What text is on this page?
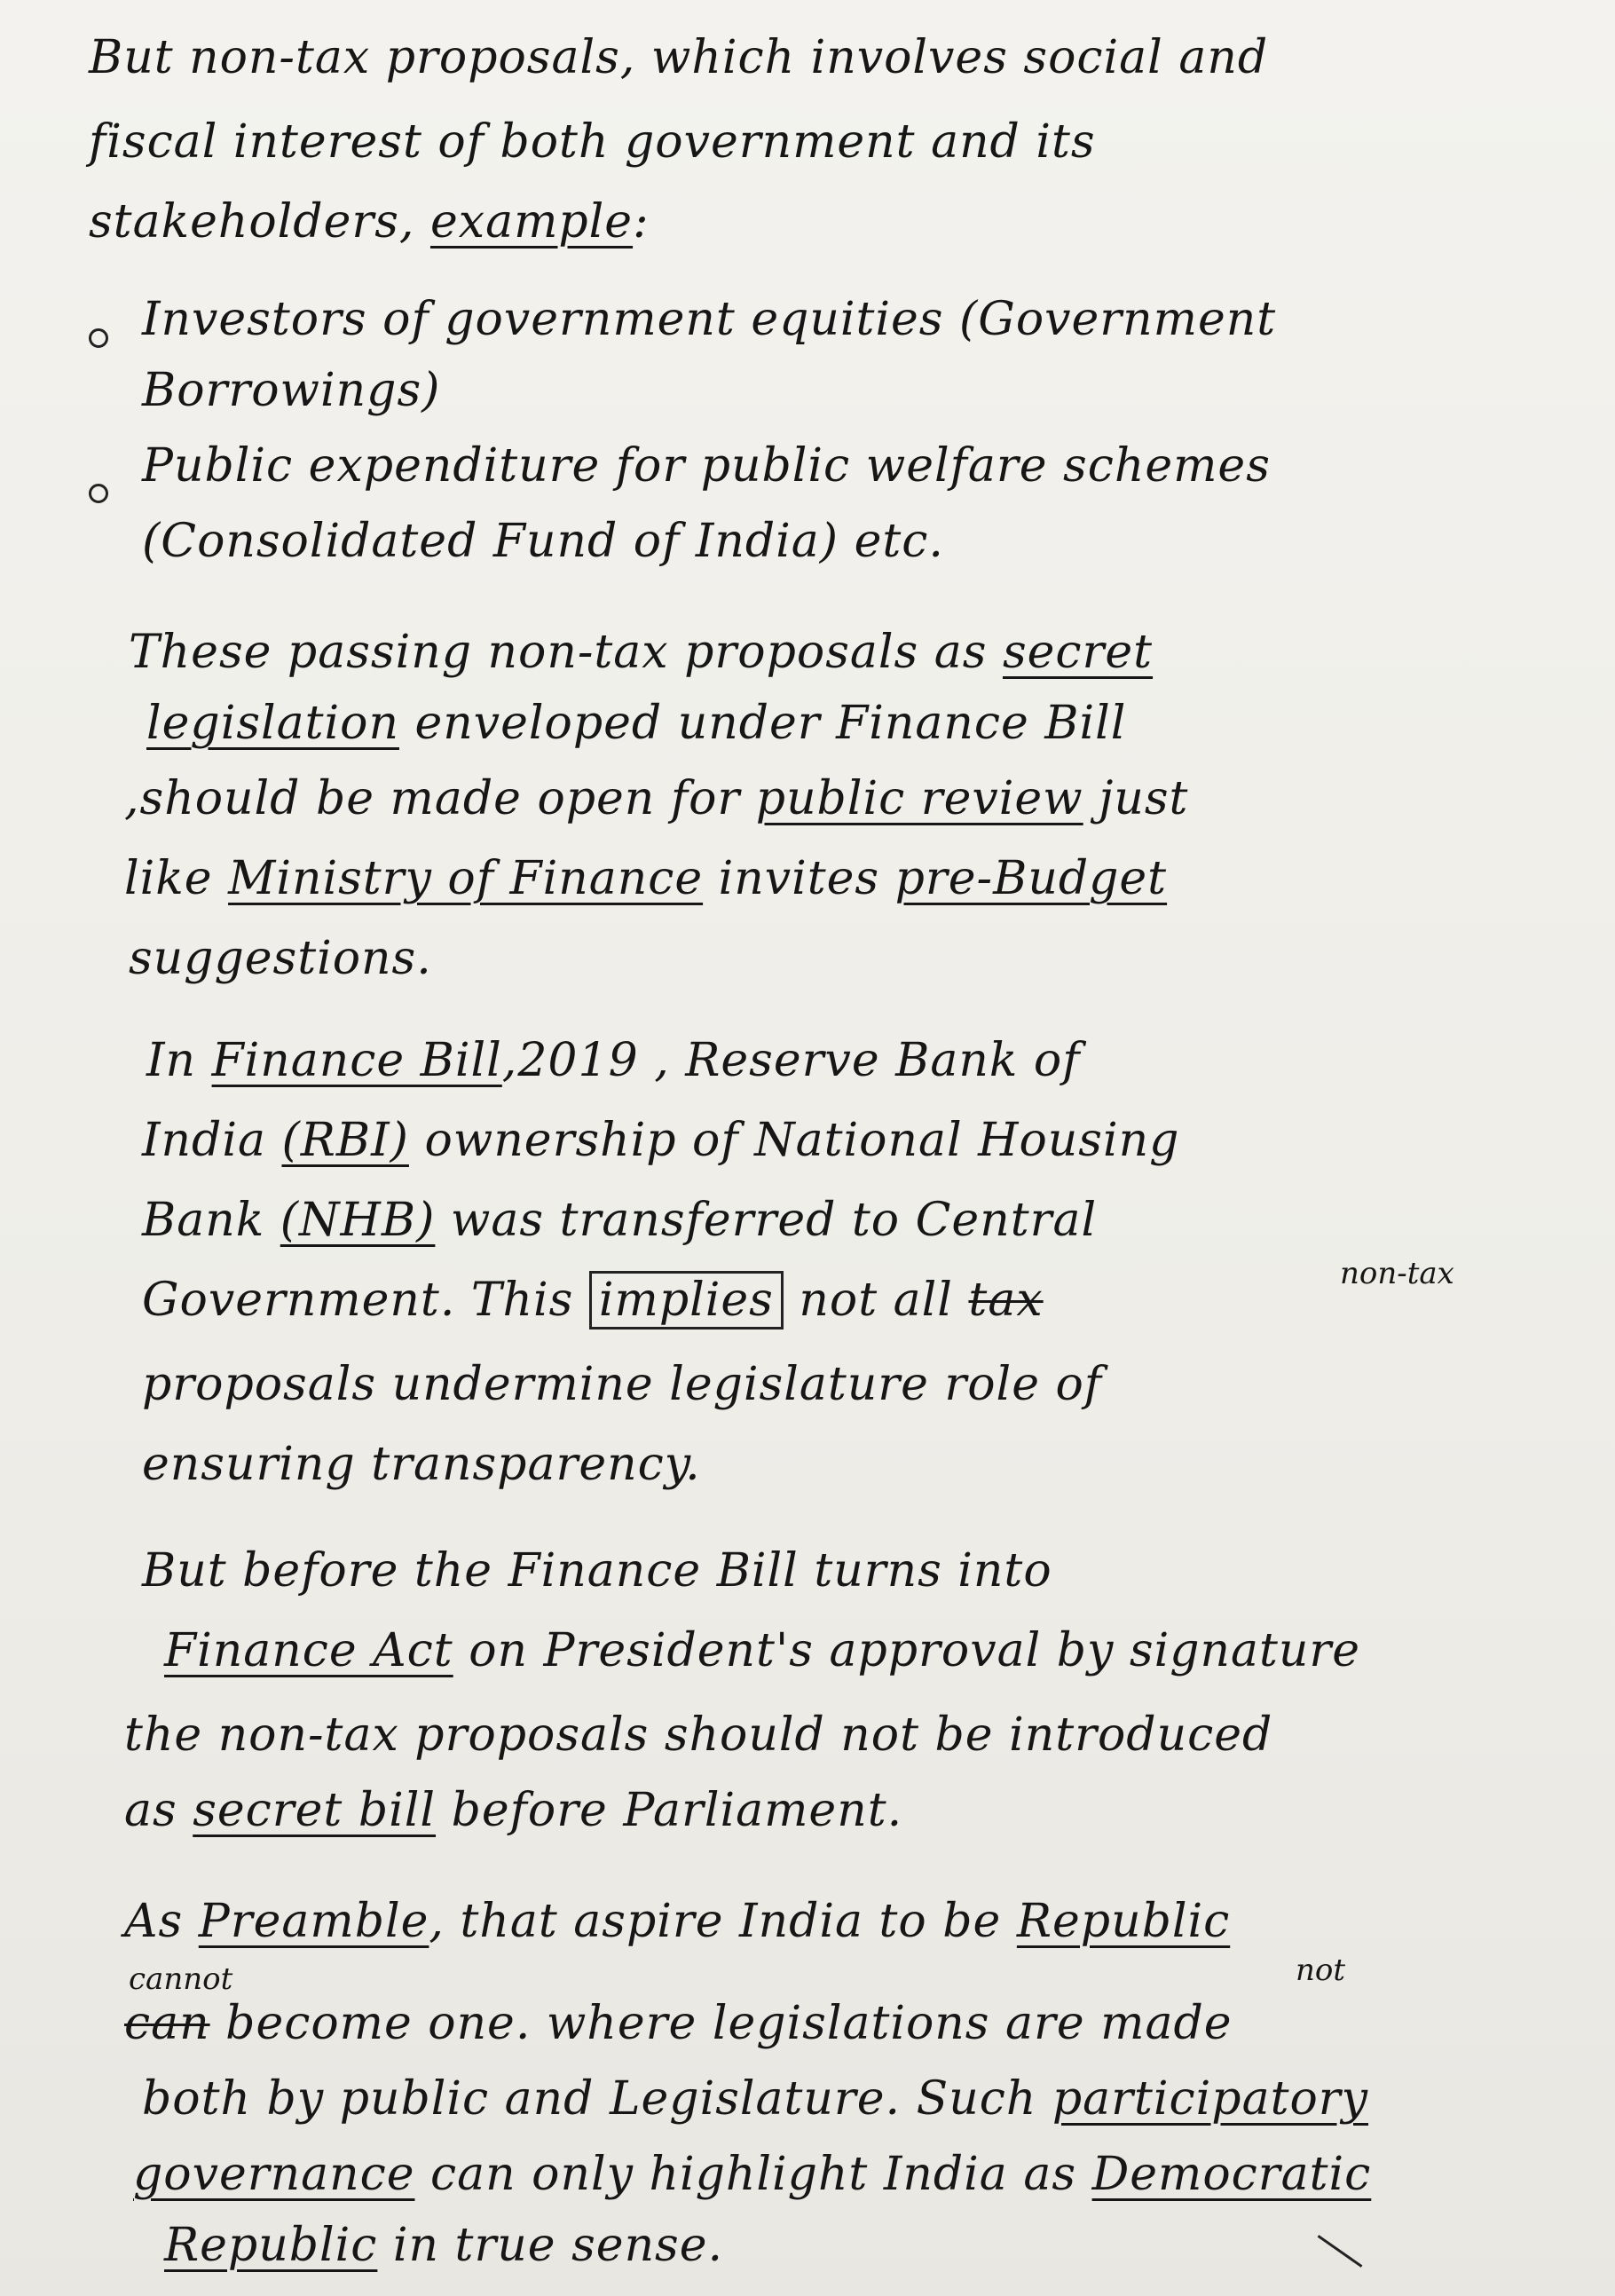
But non-tax proposals, which involves social and
fiscal interest of both government and its
stakeholders, example:
Investors of government equities (Government
Borrowings)
Public expenditure for public welfare schemes
(Consolidated Fund of India) etc.
These passing non-tax proposals as secret
legislation enveloped under Finance Bill
,should be made open for public review just
like Ministry of Finance invites pre-Budget
suggestions.
In Finance Bill,2019 , Reserve Bank of
India (RBI) ownership of National Housing
Bank (NHB) was transferred to Central
Government. This implies not all tax	non-tax
proposals undermine legislature role of
ensuring transparency.
But before the Finance Bill turns into
Finance Act on President's approval by signature
the non-tax proposals should not be introduced
as secret bill before Parliament.
As Preamble, that aspire India to be Republic
not
cannot
can become one. where legislations are made
both by public and Legislature. Such participatory
governance can only highlight India as Democratic
Republic in true sense.
